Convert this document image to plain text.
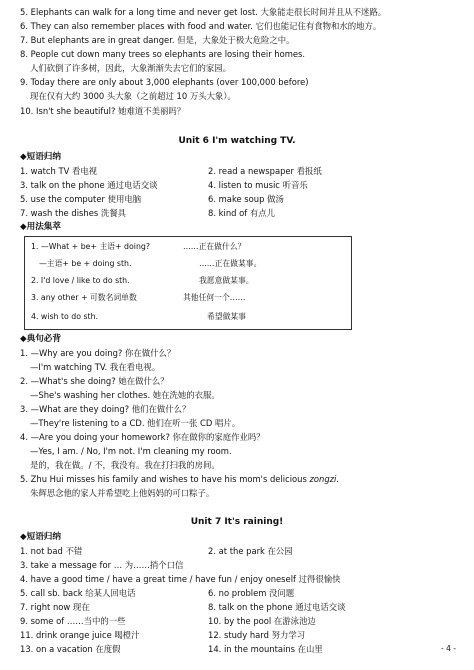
5. Elephants can walk for a long time and never get lost. 大象能走很长时间并且从不迷路。
6. They can also remember places with food and water. 它们也能记住有食物和水的地方。
7. But elephants are in great danger. 但是，大象处于极大危险之中。
8. People cut down many trees so elephants are losing their homes.
人们砍倒了许多树，因此，大象渐渐失去它们的家园。
9. Today there are only about 3,000 elephants (over 100,000 before)
现在仅有大约 3000 头大象（之前超过 10 万头大象）。
10. Isn't she beautiful? 她难道不美丽吗？
Unit 6 I'm watching TV.
◆短语归纳
1. watch TV 看电视	2. read a newspaper 看报纸
3. talk on the phone 通过电话交谈	4. listen to music 听音乐
5. use the computer 使用电脑	6. make soup 做汤
7. wash the dishes 洗餐具	8. kind of 有点儿
◆用法集萃
1. —What + be+ 主语+ doing?	……正在做什么？
—主语+ be + doing sth.	……正在做某事。
2. I'd love / like to do sth.	我愿意做某事。
3. any other + 可数名词单数	其他任何一个……
4. wish to do sth.	希望做某事
◆典句必背
1. —Why are you doing? 你在做什么？
—I'm watching TV. 我在看电视。
2. —What's she doing? 她在做什么？
—She's washing her clothes. 她在洗她的衣服。
3. —What are they doing? 他们在做什么？
—They're listening to a CD. 他们在听一张 CD 唱片。
4. —Are you doing your homework? 你在做你的家庭作业吗？
—Yes, I am. / No, I'm not. I'm cleaning my room.
是的，我在做。/ 不，我没有。我在打扫我的房间。
5. Zhu Hui misses his family and wishes to have his mom's delicious zongzi.
朱辉思念他的家人并希望吃上他妈妈的可口粽子。
Unit 7 It's raining!
◆短语归纳
1. not bad 不错	2. at the park 在公园
3. take a message for … 为……捎个口信
4. have a good time / have a great time / have fun / enjoy oneself 过得很愉快
5. call sb. back 给某人回电话	6. no problem 没问题
7. right now 现在	8. talk on the phone 通过电话交谈
9. some of ……当中的一些	10. by the pool 在游泳池边
11. drink orange juice 喝橙汁	12. study hard 努力学习
13. on a vacation 在度假	14. in the mountains 在山里	- 4 -
